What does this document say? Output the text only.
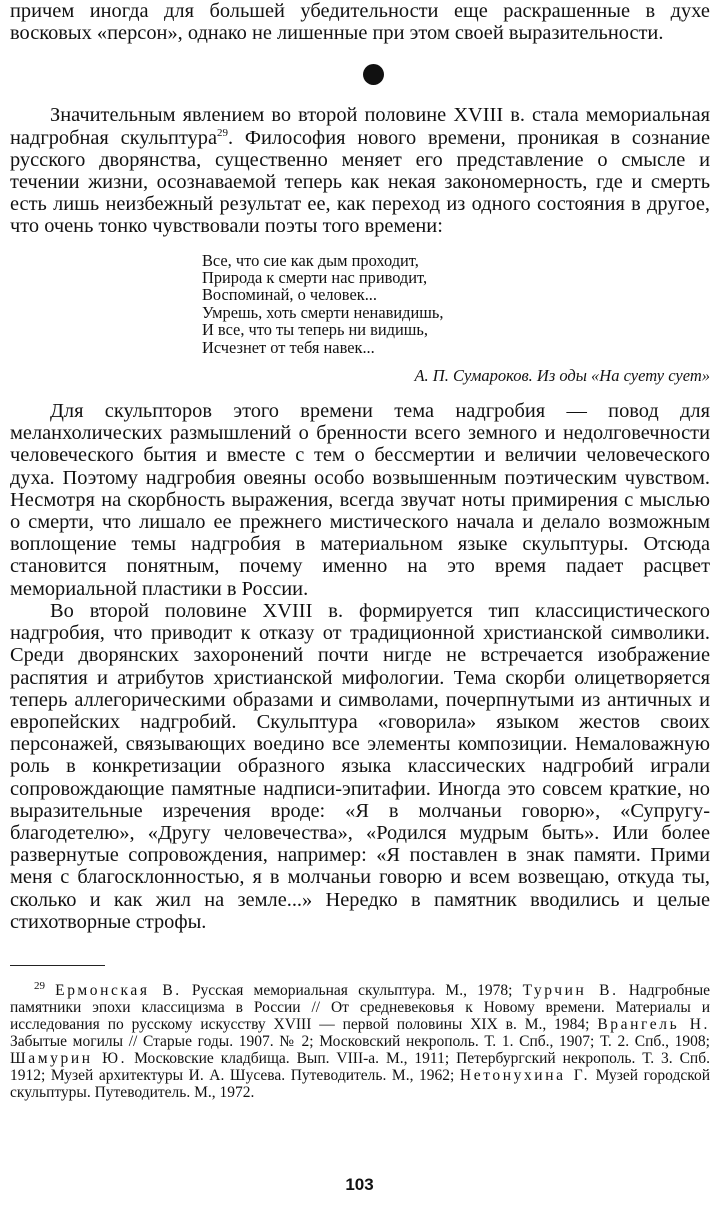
причем иногда для большей убедительности еще раскрашенные в духе восковых «персон», однако не лишенные при этом своей выразительности.

Значительным явлением во второй половине XVIII в. стала мемориальная надгробная скульптура$^{29}$. Философия нового времени, проникая в сознание русского дворянства, существенно меняет его представление о смысле и течении жизни, осознаваемой теперь как некая закономерность, где и смерть есть лишь неизбежный результат ее, как переход из одного состояния в другое, что очень тонко чувствовали поэты того времени:

Все, что сие как дым проходит,
Природа к смерти нас приводит,
Воспоминай, о человек...
Умрешь, хоть смерти ненавидишь,
И все, что ты теперь ни видишь,
Исчезнет от тебя навек...

А. П. Сумароков. Из оды «На суету сует»

Для скульпторов этого времени тема надгробия — повод для меланхолических размышлений о бренности всего земного и недолговечности человеческого бытия и вместе с тем о бессмертии и величии человеческого духа. Поэтому надгробия овеяны особо возвышенным поэтическим чувством. Несмотря на скорбность выражения, всегда звучат ноты примирения с мыслью о смерти, что лишало ее прежнего мистического начала и делало возможным воплощение темы надгробия в материальном языке скульптуры. Отсюда становится понятным, почему именно на это время падает расцвет мемориальной пластики в России.

Во второй половине XVIII в. формируется тип классицистического надгробия, что приводит к отказу от традиционной христианской символики. Среди дворянских захоронений почти нигде не встречается изображение распятия и атрибутов христианской мифологии. Тема скорби олицетворяется теперь аллегорическими образами и символами, почерпнутыми из античных и европейских надгробий. Скульптура «говорила» языком жестов своих персонажей, связывающих воедино все элементы композиции. Немаловажную роль в конкретизации образного языка классических надгробий играли сопровождающие памятные надписи-эпитафии. Иногда это совсем краткие, но выразительные изречения вроде: «Я в молчаньи говорю», «Супругу-благодетелю», «Другу человечества», «Родился мудрым быть». Или более развернутые сопровождения, например: «Я поставлен в знак памяти. Прими меня с благосклонностью, я в молчаньи говорю и всем возвещаю, откуда ты, сколько и как жил на земле...» Нередко в памятник вводились и целые стихотворные строфы.

$^{29}$ Ермонская В. Русская мемориальная скульптура. М., 1978; Турчин В. Надгробные памятники эпохи классицизма в России // От средневековья к Новому времени. Материалы и исследования по русскому искусству XVIII — первой половины XIX в. М., 1984; Врангель Н. Забытые могилы // Старые годы. 1907. № 2; Московский некрополь. Т. 1. Спб., 1907; Т. 2. Спб., 1908; Шамурин Ю. Московские кладбища. Вып. VIII-а. М., 1911; Петербургский некрополь. Т. 3. Спб. 1912; Музей архитектуры И. А. Шусева. Путеводитель. М., 1962; Нетонухина Г. Музей городской скульптуры. Путеводитель. М., 1972.

103
